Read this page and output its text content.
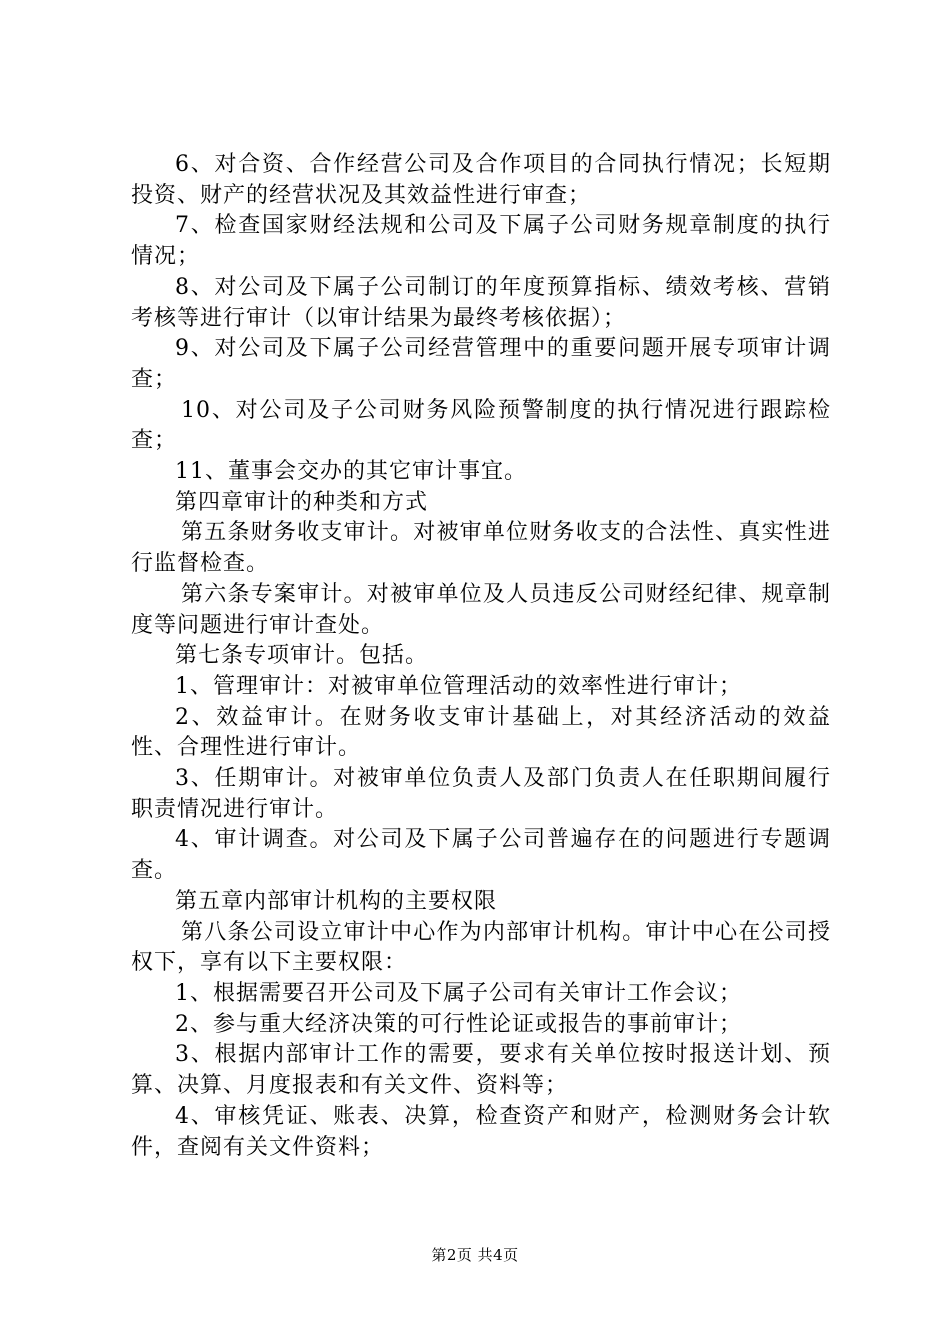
6、对合资、合作经营公司及合作项目的合同执行情况；长短期投资、财产的经营状况及其效益性进行审查；

7、检查国家财经法规和公司及下属子公司财务规章制度的执行情况；

8、对公司及下属子公司制订的年度预算指标、绩效考核、营销考核等进行审计（以审计结果为最终考核依据）；

9、对公司及下属子公司经营管理中的重要问题开展专项审计调查；

10、对公司及子公司财务风险预警制度的执行情况进行跟踪检查；

11、董事会交办的其它审计事宜。

第四章审计的种类和方式

第五条财务收支审计。对被审单位财务收支的合法性、真实性进行监督检查。

第六条专案审计。对被审单位及人员违反公司财经纪律、规章制度等问题进行审计查处。

第七条专项审计。包括。

1、管理审计：对被审单位管理活动的效率性进行审计；

2、效益审计。在财务收支审计基础上，对其经济活动的效益性、合理性进行审计。

3、任期审计。对被审单位负责人及部门负责人在任职期间履行职责情况进行审计。

4、审计调查。对公司及下属子公司普遍存在的问题进行专题调查。

第五章内部审计机构的主要权限

第八条公司设立审计中心作为内部审计机构。审计中心在公司授权下，享有以下主要权限：

1、根据需要召开公司及下属子公司有关审计工作会议；

2、参与重大经济决策的可行性论证或报告的事前审计；

3、根据内部审计工作的需要，要求有关单位按时报送计划、预算、决算、月度报表和有关文件、资料等；

4、审核凭证、账表、决算，检查资产和财产，检测财务会计软件，查阅有关文件资料；

第2页 共4页
